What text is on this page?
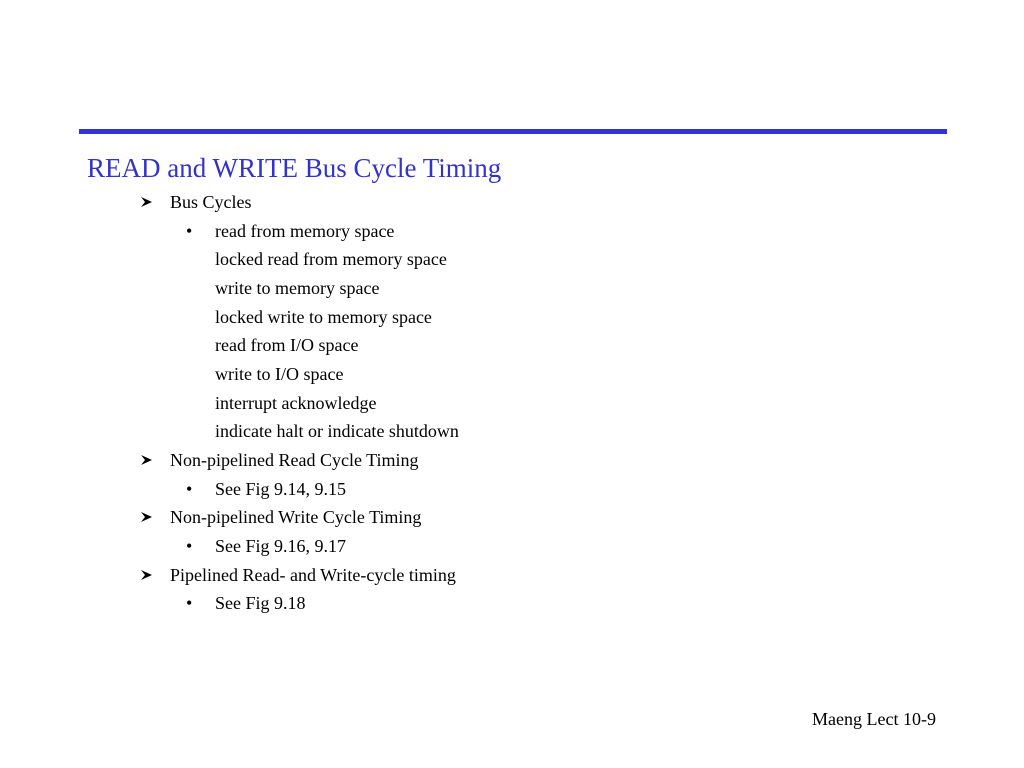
READ and WRITE Bus Cycle Timing
Bus Cycles
• read from memory space
locked read from memory space
write to memory space
locked write to memory space
read from I/O space
write to I/O space
interrupt acknowledge
indicate halt or indicate shutdown
Non-pipelined Read Cycle Timing
• See Fig 9.14, 9.15
Non-pipelined Write Cycle Timing
• See Fig 9.16, 9.17
Pipelined Read- and Write-cycle timing
• See Fig 9.18
Maeng Lect 10-9
